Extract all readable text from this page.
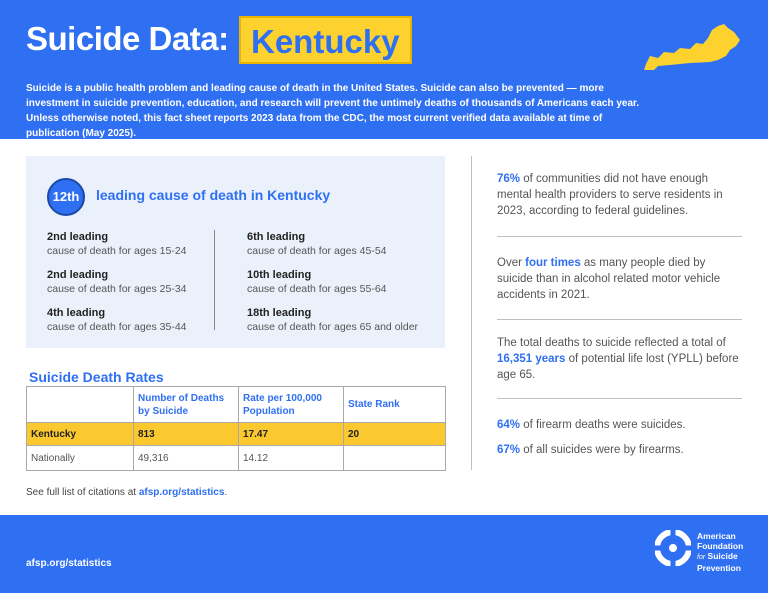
Suicide Data: Kentucky
Suicide is a public health problem and leading cause of death in the United States. Suicide can also be prevented — more investment in suicide prevention, education, and research will prevent the untimely deaths of thousands of Americans each year. Unless otherwise noted, this fact sheet reports 2023 data from the CDC, the most current verified data available at time of publication (May 2025).
12th	leading cause of death in Kentucky
2nd leading
cause of death for ages 15-24
2nd leading
cause of death for ages 25-34
4th leading
cause of death for ages 35-44
6th leading
cause of death for ages 45-54
10th leading
cause of death for ages 55-64
18th leading
cause of death for ages 65 and older
Suicide Death Rates
	Number of Deaths by Suicide	Rate per 100,000 Population	State Rank
Kentucky	813	17.47	20
Nationally	49,316	14.12	
See full list of citations at afsp.org/statistics.
76% of communities did not have enough mental health providers to serve residents in 2023, according to federal guidelines.
Over four times as many people died by suicide than in alcohol related motor vehicle accidents in 2021.
The total deaths to suicide reflected a total of 16,351 years of potential life lost (YPLL) before age 65.
64% of firearm deaths were suicides.
67% of all suicides were by firearms.
afsp.org/statistics
American
Foundation
for Suicide
Prevention
